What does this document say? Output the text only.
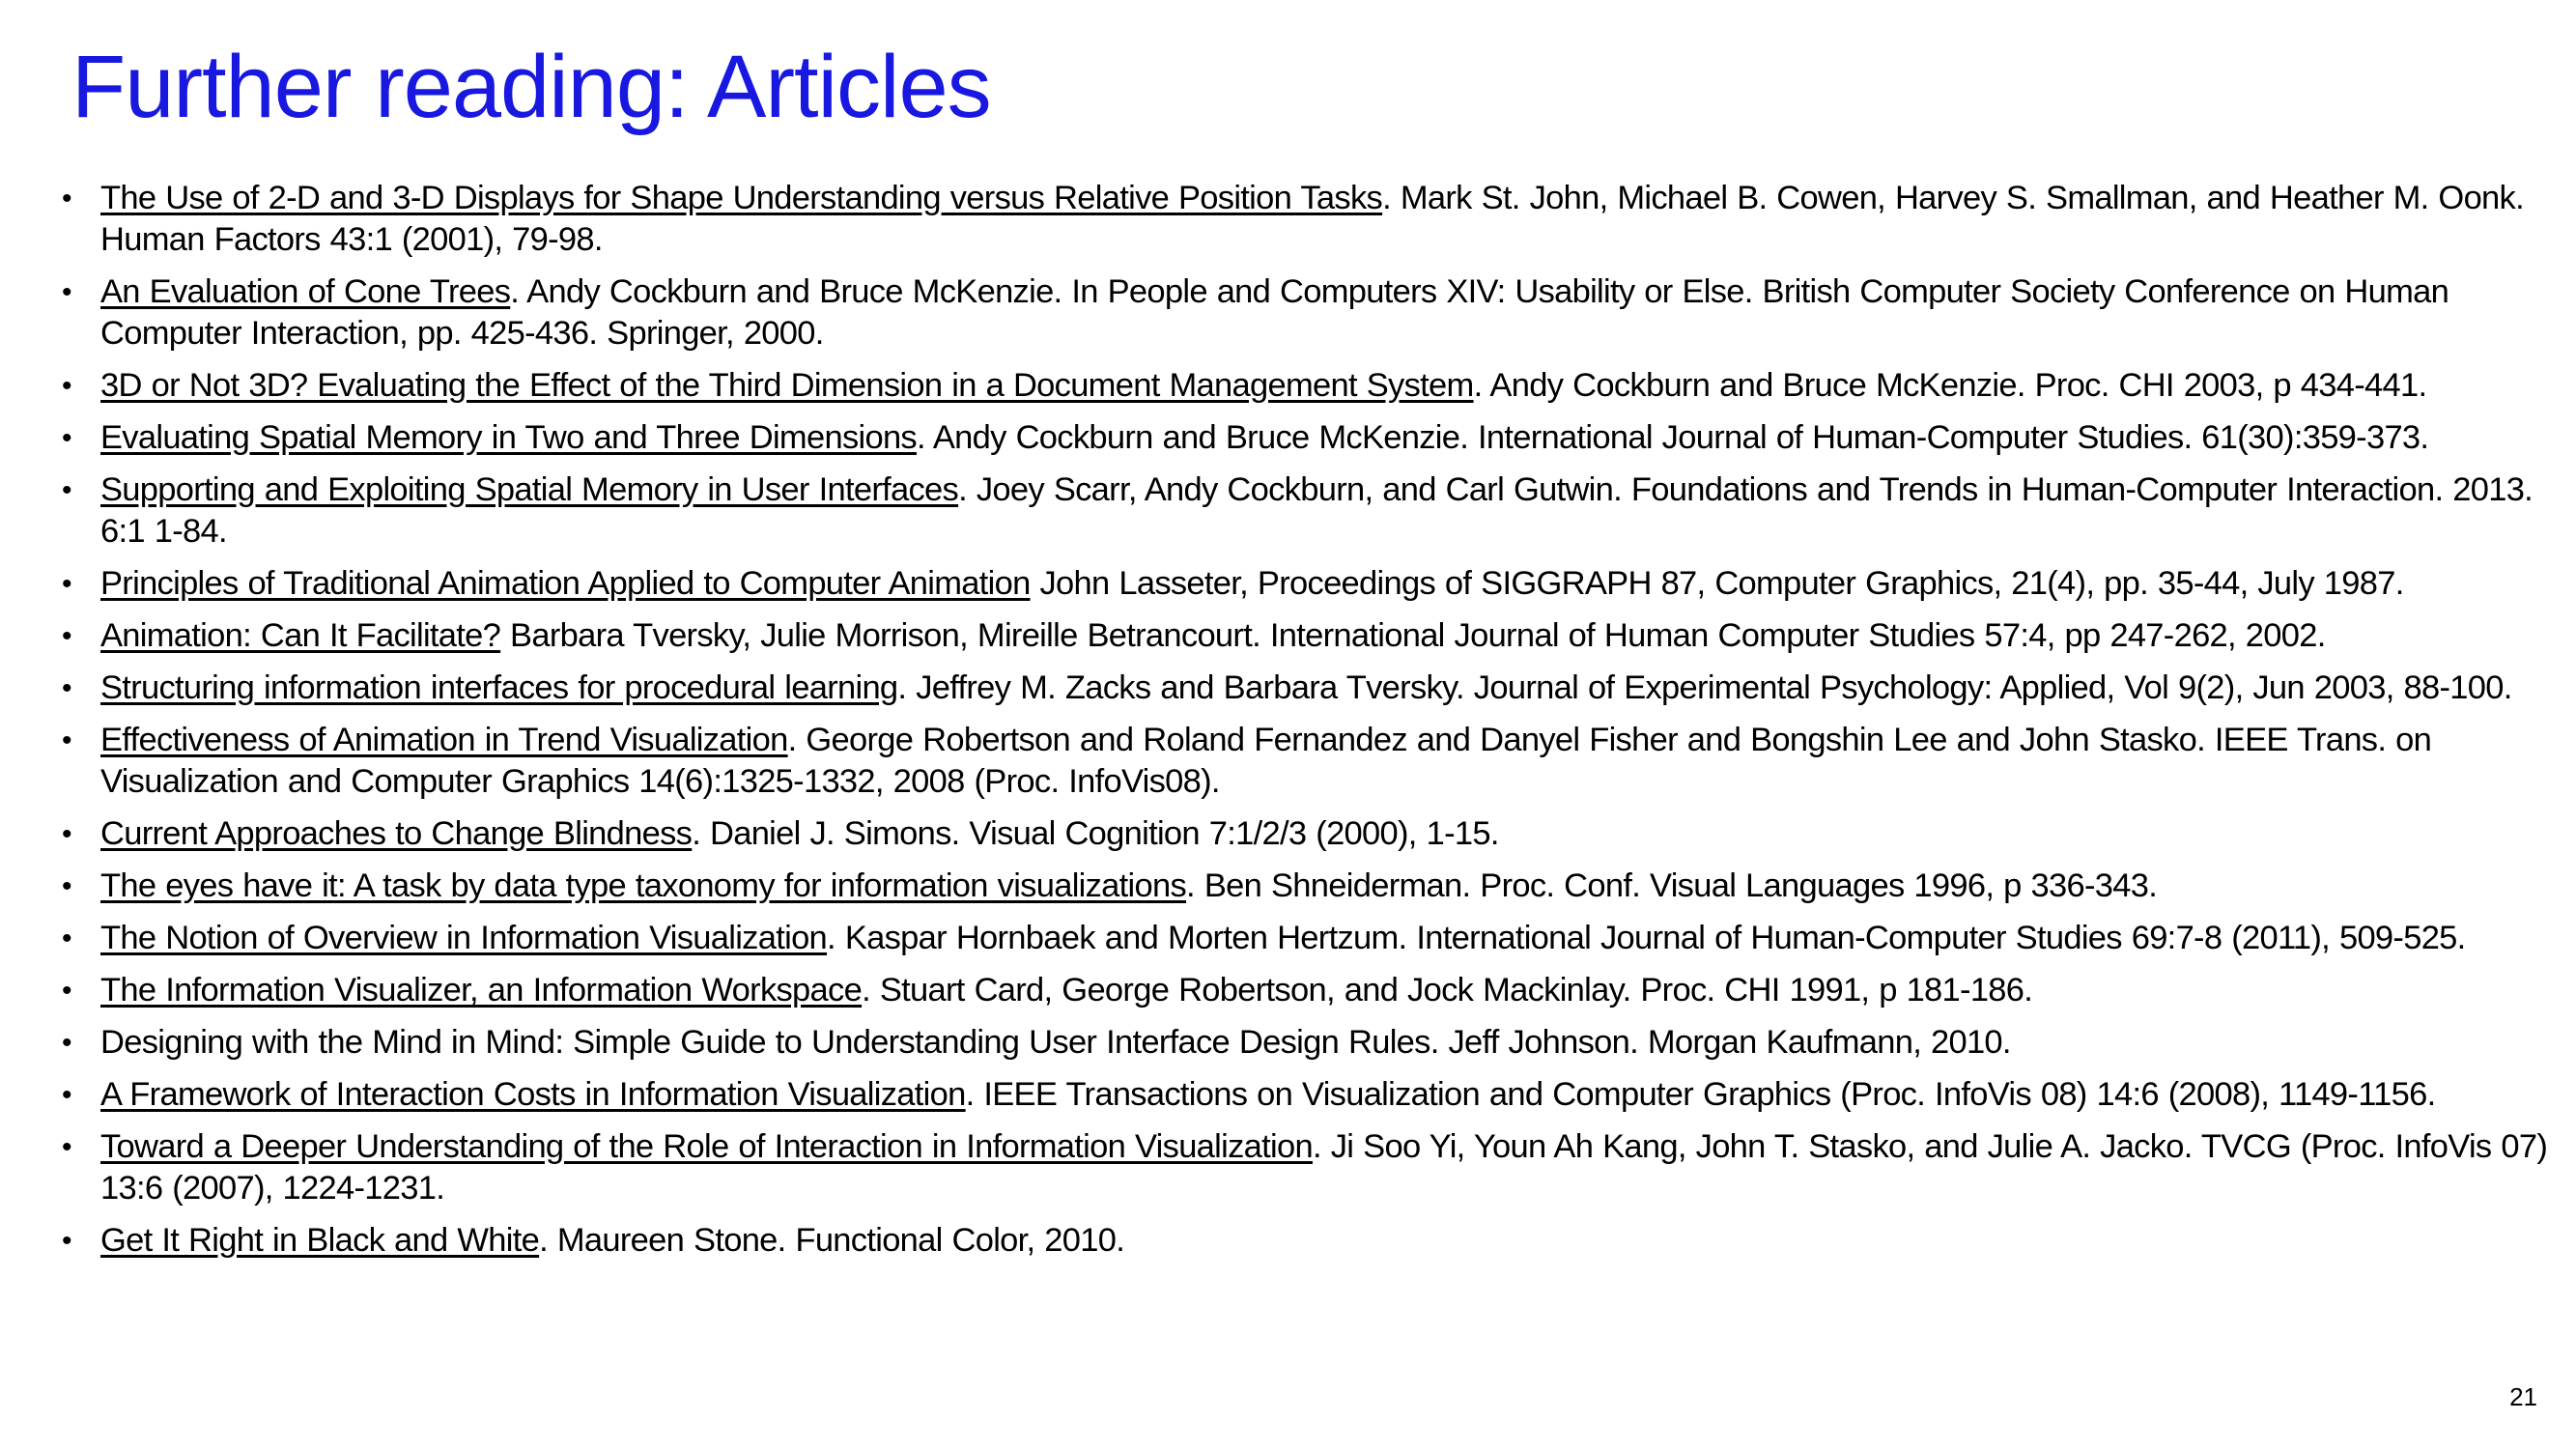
Further reading: Articles
• The Use of 2-D and 3-D Displays for Shape Understanding versus Relative Position Tasks. Mark St. John, Michael B. Cowen, Harvey S. Smallman, and Heather M. Oonk. Human Factors 43:1 (2001), 79-98.
• An Evaluation of Cone Trees. Andy Cockburn and Bruce McKenzie. In People and Computers XIV: Usability or Else. British Computer Society Conference on Human Computer Interaction, pp. 425-436. Springer, 2000.
• 3D or Not 3D? Evaluating the Effect of the Third Dimension in a Document Management System. Andy Cockburn and Bruce McKenzie. Proc. CHI 2003, p 434-441.
• Evaluating Spatial Memory in Two and Three Dimensions. Andy Cockburn and Bruce McKenzie. International Journal of Human-Computer Studies. 61(30):359-373.
• Supporting and Exploiting Spatial Memory in User Interfaces. Joey Scarr, Andy Cockburn, and Carl Gutwin. Foundations and Trends in Human-Computer Interaction. 2013. 6:1 1-84.
• Principles of Traditional Animation Applied to Computer Animation John Lasseter, Proceedings of SIGGRAPH 87, Computer Graphics, 21(4), pp. 35-44, July 1987.
• Animation: Can It Facilitate? Barbara Tversky, Julie Morrison, Mireille Betrancourt. International Journal of Human Computer Studies 57:4, pp 247-262, 2002.
• Structuring information interfaces for procedural learning. Jeffrey M. Zacks and Barbara Tversky. Journal of Experimental Psychology: Applied, Vol 9(2), Jun 2003, 88-100.
• Effectiveness of Animation in Trend Visualization. George Robertson and Roland Fernandez and Danyel Fisher and Bongshin Lee and John Stasko. IEEE Trans. on Visualization and Computer Graphics 14(6):1325-1332, 2008 (Proc. InfoVis08).
• Current Approaches to Change Blindness. Daniel J. Simons. Visual Cognition 7:1/2/3 (2000), 1-15.
• The eyes have it: A task by data type taxonomy for information visualizations. Ben Shneiderman. Proc. Conf. Visual Languages 1996, p 336-343.
• The Notion of Overview in Information Visualization. Kaspar Hornbaek and Morten Hertzum. International Journal of Human-Computer Studies 69:7-8 (2011), 509-525.
• The Information Visualizer, an Information Workspace. Stuart Card, George Robertson, and Jock Mackinlay. Proc. CHI 1991, p 181-186.
• Designing with the Mind in Mind: Simple Guide to Understanding User Interface Design Rules. Jeff Johnson. Morgan Kaufmann, 2010.
• A Framework of Interaction Costs in Information Visualization. IEEE Transactions on Visualization and Computer Graphics (Proc. InfoVis 08) 14:6 (2008), 1149-1156.
• Toward a Deeper Understanding of the Role of Interaction in Information Visualization. Ji Soo Yi, Youn Ah Kang, John T. Stasko, and Julie A. Jacko. TVCG (Proc. InfoVis 07) 13:6 (2007), 1224-1231.
• Get It Right in Black and White. Maureen Stone. Functional Color, 2010.
21
